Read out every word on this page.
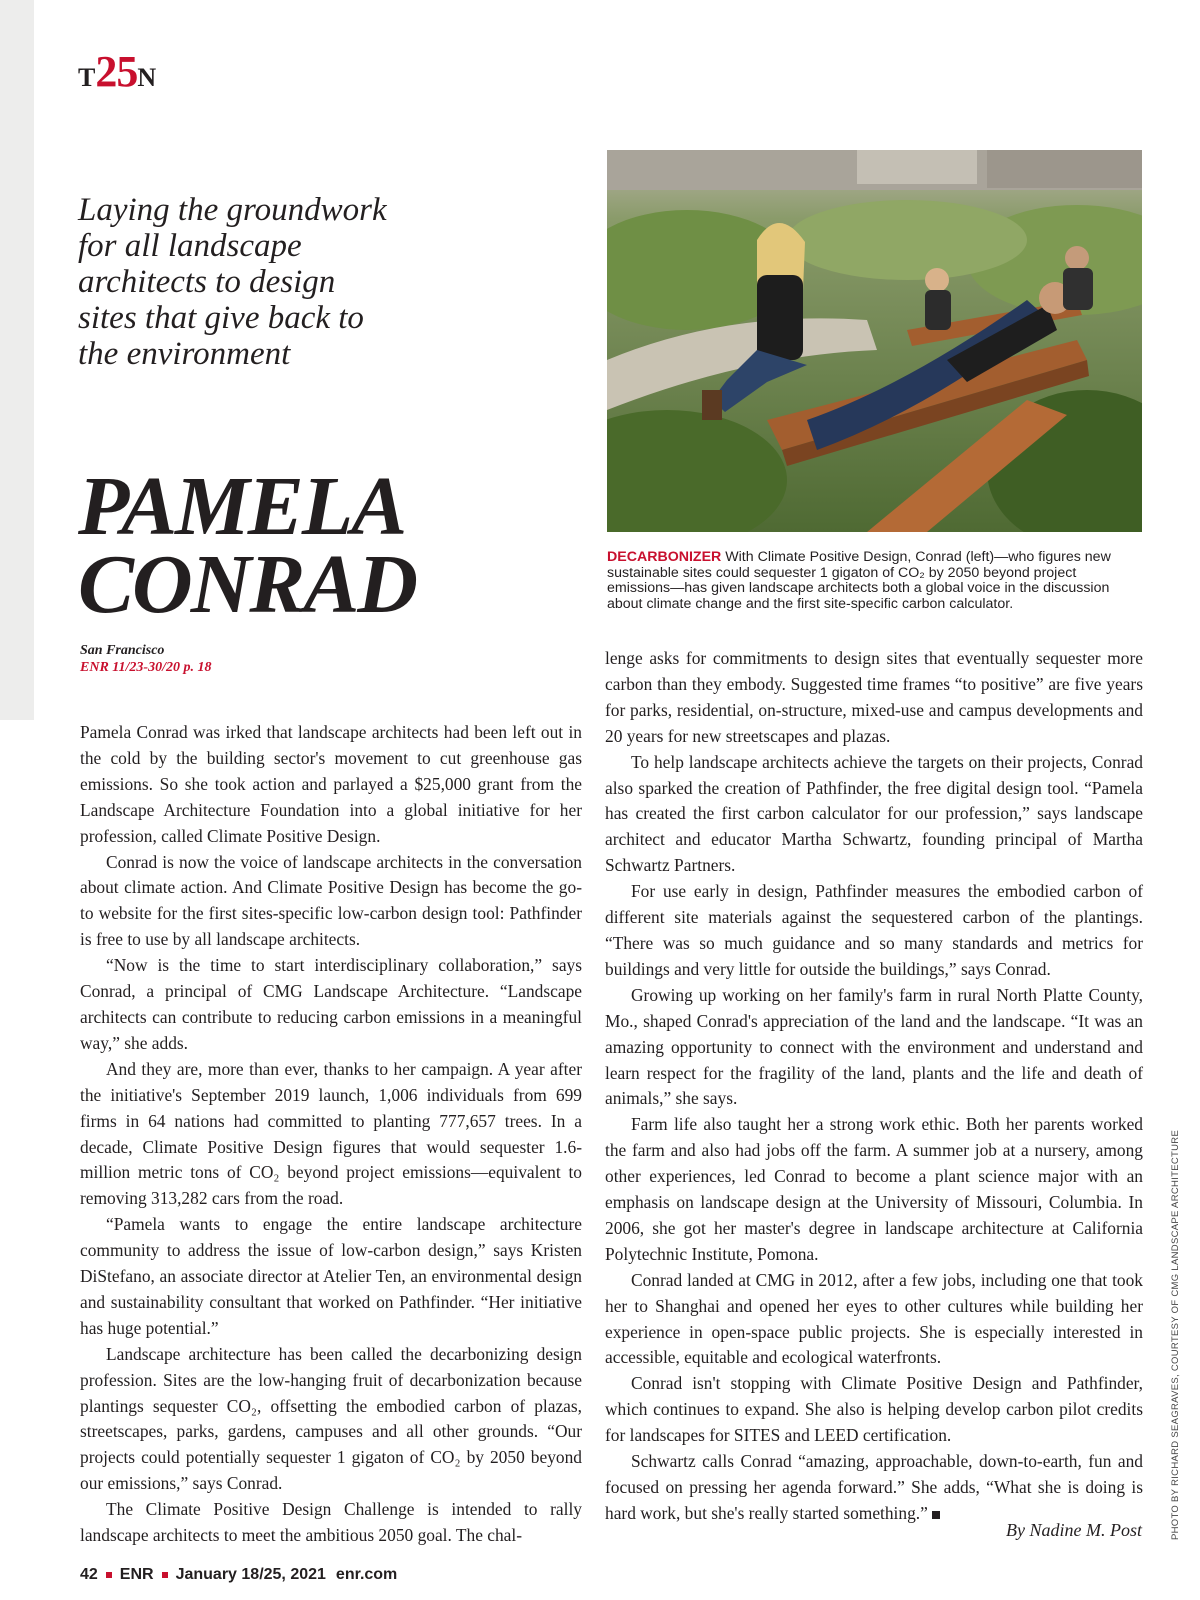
T25N
Laying the groundwork for all landscape architects to design sites that give back to the environment
PAMELA
CONRAD
San Francisco
ENR 11/23-30/20 p. 18
DECARBONIZER With Climate Positive Design, Conrad (left)—who figures new sustainable sites could sequester 1 gigaton of CO₂ by 2050 beyond project emissions—has given landscape architects both a global voice in the discussion about climate change and the first site-specific carbon calculator.

Pamela Conrad was irked that landscape architects had been left out in the cold by the building sector's movement to cut greenhouse gas emissions. So she took action and parlayed a $25,000 grant from the Landscape Architecture Foundation into a global initiative for her profession, called Climate Positive Design.

Conrad is now the voice of landscape architects in the conversation about climate action. And Climate Positive Design has become the go-to website for the first sites-specific low-carbon design tool: Pathfinder is free to use by all landscape architects.

“Now is the time to start interdisciplinary collaboration,” says Conrad, a principal of CMG Landscape Architecture. “Landscape architects can contribute to reducing carbon emissions in a meaningful way,” she adds.

And they are, more than ever, thanks to her campaign. A year after the initiative's September 2019 launch, 1,006 individuals from 699 firms in 64 nations had committed to planting 777,657 trees. In a decade, Climate Positive Design figures that would sequester 1.6-million metric tons of CO₂ beyond project emissions—equivalent to removing 313,282 cars from the road.

“Pamela wants to engage the entire landscape architecture community to address the issue of low-carbon design,” says Kristen DiStefano, an associate director at Atelier Ten, an environmental design and sustainability consultant that worked on Pathfinder. “Her initiative has huge potential.”

Landscape architecture has been called the decarbonizing design profession. Sites are the low-hanging fruit of decarbonization because plantings sequester CO₂, offsetting the embodied carbon of plazas, streetscapes, parks, gardens, campuses and all other grounds. “Our projects could potentially sequester 1 gigaton of CO₂ by 2050 beyond our emissions,” says Conrad.

The Climate Positive Design Challenge is intended to rally landscape architects to meet the ambitious 2050 goal. The chal-

lenge asks for commitments to design sites that eventually sequester more carbon than they embody. Suggested time frames “to positive” are five years for parks, residential, on-structure, mixed-use and campus developments and 20 years for new streetscapes and plazas.

To help landscape architects achieve the targets on their projects, Conrad also sparked the creation of Pathfinder, the free digital design tool. “Pamela has created the first carbon calculator for our profession,” says landscape architect and educator Martha Schwartz, founding principal of Martha Schwartz Partners.

For use early in design, Pathfinder measures the embodied carbon of different site materials against the sequestered carbon of the plantings. “There was so much guidance and so many standards and metrics for buildings and very little for outside the buildings,” says Conrad.

Growing up working on her family's farm in rural North Platte County, Mo., shaped Conrad's appreciation of the land and the landscape. “It was an amazing opportunity to connect with the environment and understand and learn respect for the fragility of the land, plants and the life and death of animals,” she says.

Farm life also taught her a strong work ethic. Both her parents worked the farm and also had jobs off the farm. A summer job at a nursery, among other experiences, led Conrad to become a plant science major with an emphasis on landscape design at the University of Missouri, Columbia. In 2006, she got her master's degree in landscape architecture at California Polytechnic Institute, Pomona.

Conrad landed at CMG in 2012, after a few jobs, including one that took her to Shanghai and opened her eyes to other cultures while building her experience in open-space public projects. She is especially interested in accessible, equitable and ecological waterfronts.

Conrad isn't stopping with Climate Positive Design and Pathfinder, which continues to expand. She also is helping develop carbon pilot credits for landscapes for SITES and LEED certification.

Schwartz calls Conrad “amazing, approachable, down-to-earth, fun and focused on pressing her agenda forward.” She adds, “What she is doing is hard work, but she's really started something.”

By Nadine M. Post	PHOTO BY RICHARD SEAGRAVES, COURTESY OF CMG LANDSCAPE ARCHITECTURE
42 ENR January 18/25, 2021 enr.com
